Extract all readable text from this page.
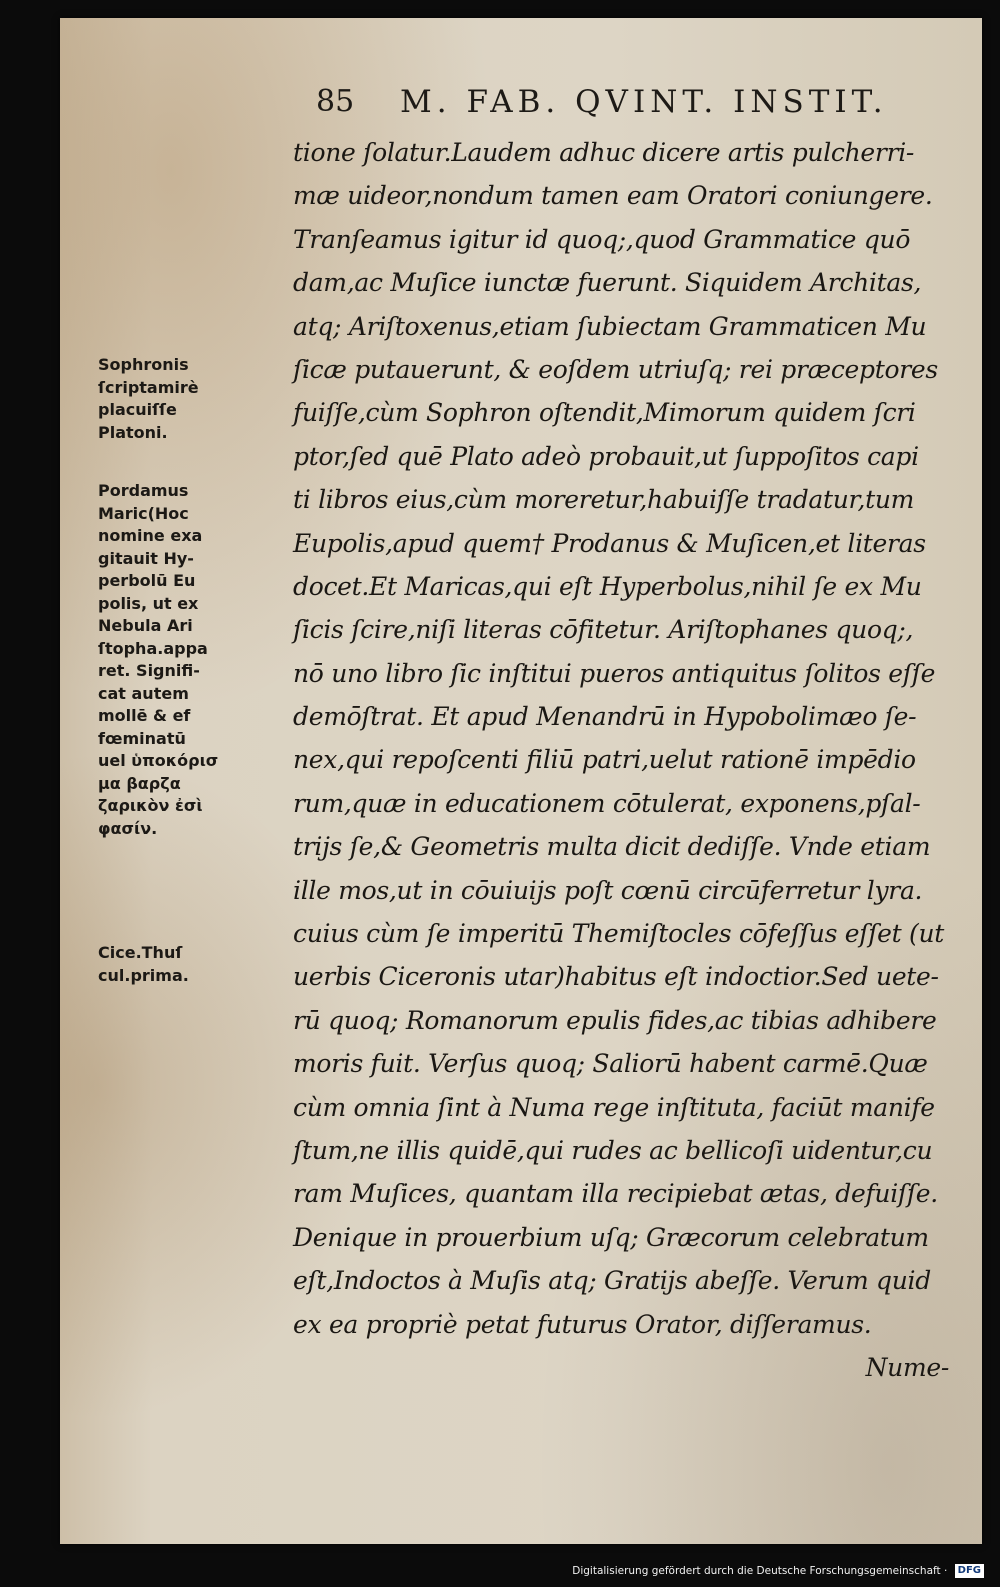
85 M. FAB. QVINT. INSTIT.
tione ſolatur.Laudem adhuc dicere artis pulcherri-
mæ uideor,nondum tamen eam Oratori coniungere.
Tranſeamus igitur id quoq;,quod Grammatice quō
dam,ac Muſice iunctæ fuerunt. Siquidem Architas,
atq; Ariſtoxenus,etiam ſubiectam Grammaticen Mu
ſicæ putauerunt, & eoſdem utriuſq; rei præceptores
fuiſſe,cùm Sophron oſtendit,Mimorum quidem ſcri
ptor,ſed quē Plato adeò probauit,ut ſuppoſitos capi
ti libros eius,cùm moreretur,habuiſſe tradatur,tum
Eupolis,apud quem† Prodanus & Muſicen,et literas
docet.Et Maricas,qui eſt Hyperbolus,nihil ſe ex Mu
ſicis ſcire,niſi literas cōfitetur. Ariſtophanes quoq;,
nō uno libro ſic inſtitui pueros antiquitus ſolitos eſſe
demōſtrat. Et apud Menandrū in Hypobolimæo ſe-
nex,qui repoſcenti filiū patri,uelut rationē impēdio
rum,quæ in educationem cōtulerat, exponens,pſal-
trijs ſe,& Geometris multa dicit dediſſe. Vnde etiam
ille mos,ut in cōuiuijs poſt cœnū circūferretur lyra.
cuius cùm ſe imperitū Themiſtocles cōfeſſus eſſet (ut
uerbis Ciceronis utar)habitus eſt indoctior.Sed uete-
rū quoq; Romanorum epulis fides,ac tibias adhibere
moris fuit. Verſus quoq; Saliorū habent carmē.Quæ
cùm omnia ſint à Numa rege inſtituta, faciūt manife
ſtum,ne illis quidē,qui rudes ac bellicoſi uidentur,cu
ram Muſices, quantam illa recipiebat ætas, defuiſſe.
Denique in prouerbium uſq; Græcorum celebratum
eſt,Indoctos à Muſis atq; Gratijs abeſſe. Verum quid
ex ea propriè petat futurus Orator, diſſeramus.
Nume-
Sophronis
ſcriptamirè
placuiſſe
Platoni.
Pordamus
Maric(Hoc
nomine exa
gitauit Hy-
perbolū Eu
polis, ut ex
Nebula Ari
ſtopha.appa
ret. Signifi-
cat autem
mollē & ef
fœminatū
uel ὑποκόρισ
μα βαρζα
ζαρικὸν ἐσὶ
φασίν.
Cice.Thuſ
cul.prima.
Digitalisierung gefördert durch die Deutsche Forschungsgemeinschaft · DFG
